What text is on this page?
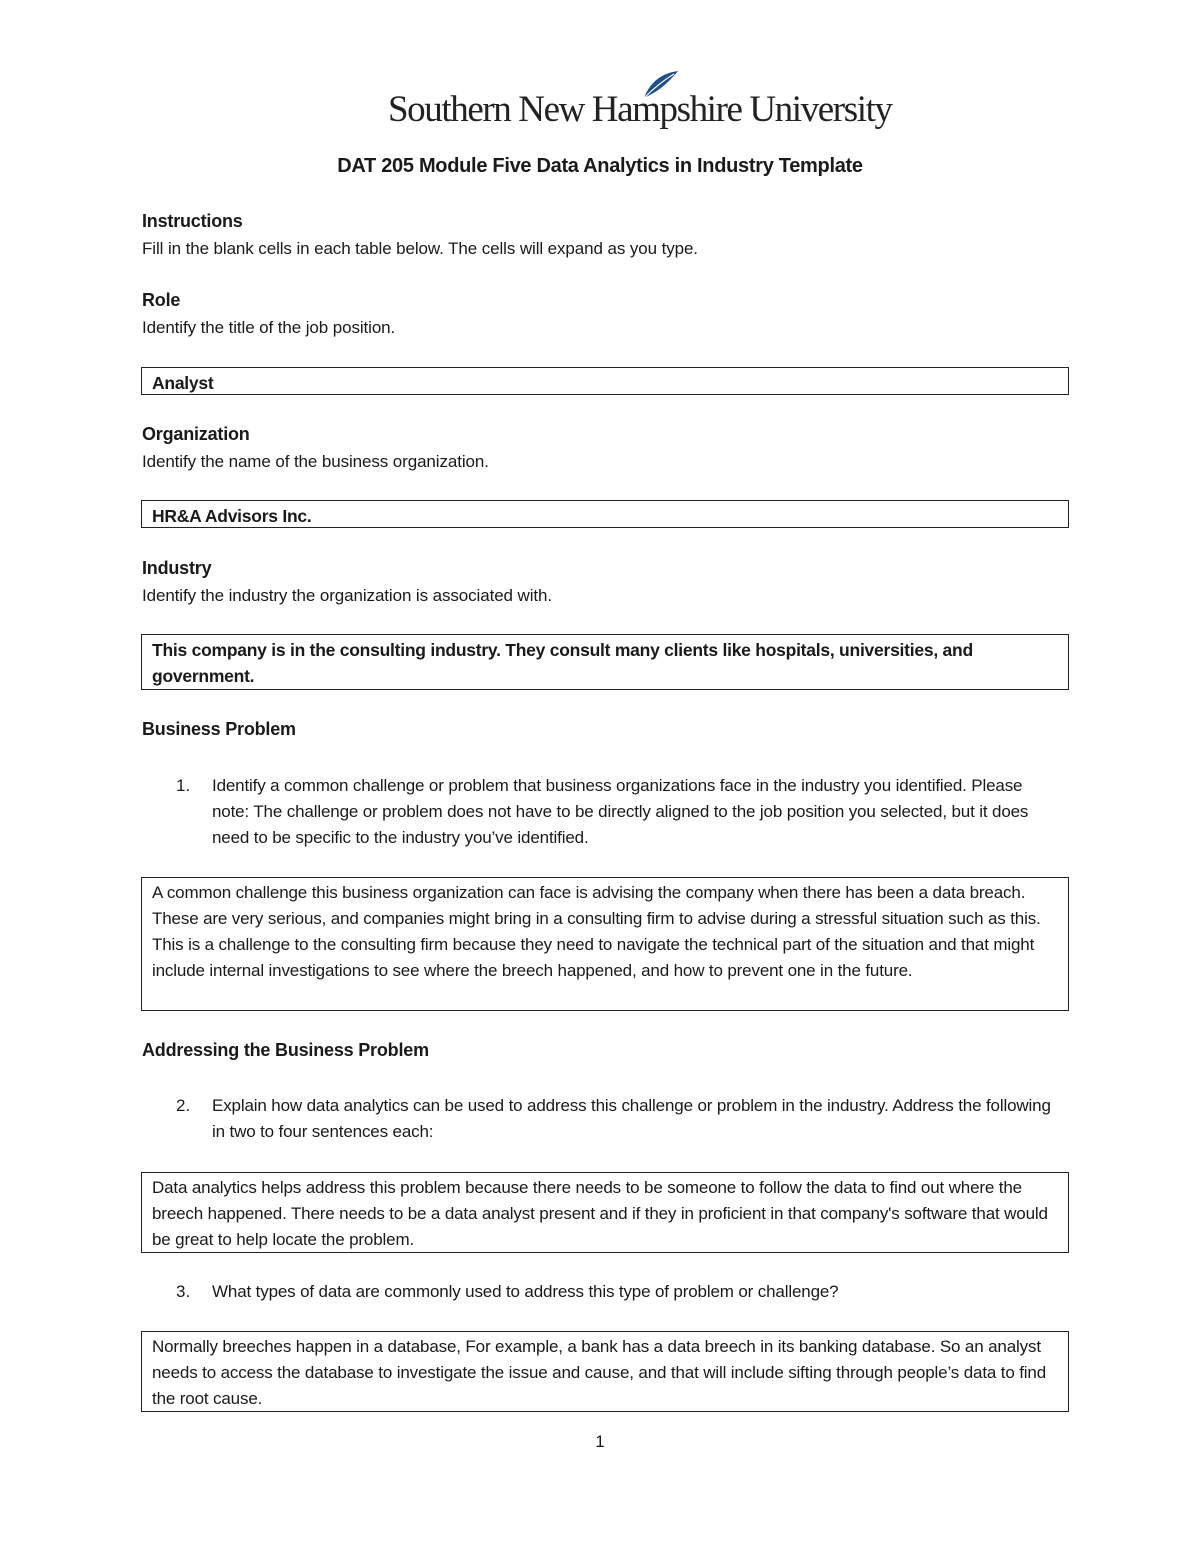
Southern New Hampshire University
DAT 205 Module Five Data Analytics in Industry Template
Instructions
Fill in the blank cells in each table below. The cells will expand as you type.
Role
Identify the title of the job position.
Analyst
Organization
Identify the name of the business organization.
HR&A Advisors Inc.
Industry
Identify the industry the organization is associated with.
This company is in the consulting industry. They consult many clients like hospitals, universities, and government.
Business Problem
1. Identify a common challenge or problem that business organizations face in the industry you identified. Please note: The challenge or problem does not have to be directly aligned to the job position you selected, but it does need to be specific to the industry you’ve identified.
A common challenge this business organization can face is advising the company when there has been a data breach. These are very serious, and companies might bring in a consulting firm to advise during a stressful situation such as this. This is a challenge to the consulting firm because they need to navigate the technical part of the situation and that might include internal investigations to see where the breech happened, and how to prevent one in the future.
Addressing the Business Problem
2. Explain how data analytics can be used to address this challenge or problem in the industry. Address the following in two to four sentences each:
Data analytics helps address this problem because there needs to be someone to follow the data to find out where the breech happened. There needs to be a data analyst present and if they in proficient in that company's software that would be great to help locate the problem.
3. What types of data are commonly used to address this type of problem or challenge?
Normally breeches happen in a database, For example, a bank has a data breech in its banking database. So an analyst needs to access the database to investigate the issue and cause, and that will include sifting through people’s data to find the root cause.
1
